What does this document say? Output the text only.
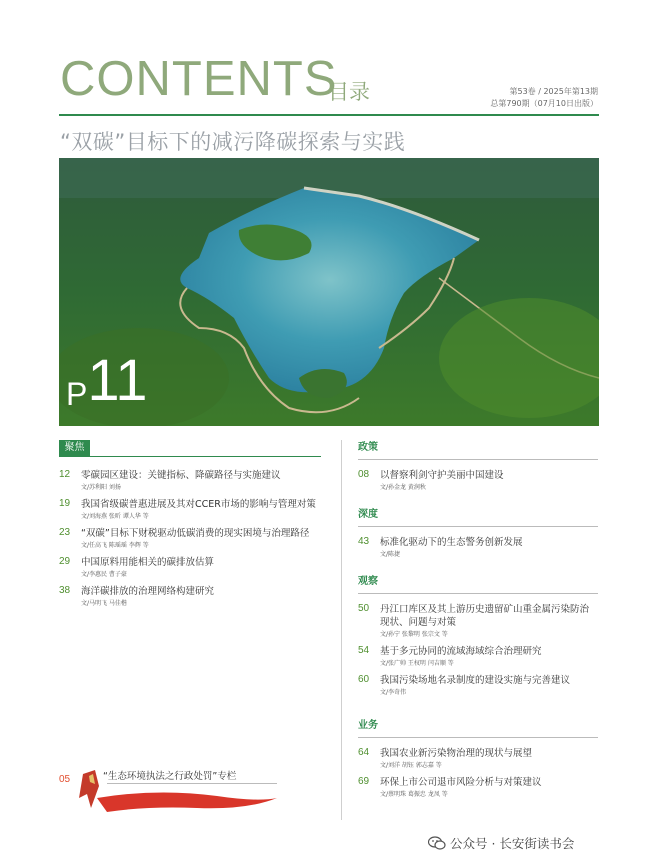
CONTENTS
目录	第53卷 / 2025年第13期
总第790期（07月10日出版）
“双碳”目标下的减污降碳探索与实践
P11
聚焦
12 零碳园区建设：关键指标、降碳路径与实施建议
文/苏利阳 刘扬
19 我国省级碳普惠进展及其对CCER市场的影响与管理对策
文/刘海燕 张昕 谭人华 等
23 “双碳”目标下财税驱动低碳消费的现实困境与治理路径
文/任高飞 陈瑶瑶 李辉 等
29 中国原料用能相关的碳排放估算
文/李惠民 曹子豪
38 海洋碳排放的治理网络构建研究
文/马明飞 马佳楷
05	“生态环境执法之行政处罚”专栏
政策
08 以督察利剑守护美丽中国建设
文/孙金龙 黄润秋
深度
43 标准化驱动下的生态警务创新发展
文/陈捷
观察
50 丹江口库区及其上游历史遗留矿山重金属污染防治现状、问题与对策
文/孙宁 张黎明 张宗文 等
54 基于多元协同的流域海域综合治理研究
文/张广帅 王权明 闫吉顺 等
60 我国污染场地名录制度的建设实施与完善建议
文/李奇伟
业务
64 我国农业新污染物治理的现状与展望
文/刘洋 胡钰 郭志嘉 等
69 环保上市公司退市风险分析与对策建议
文/蔡明珠 葛振忠 龙凤 等
公众号 · 长安街读书会
